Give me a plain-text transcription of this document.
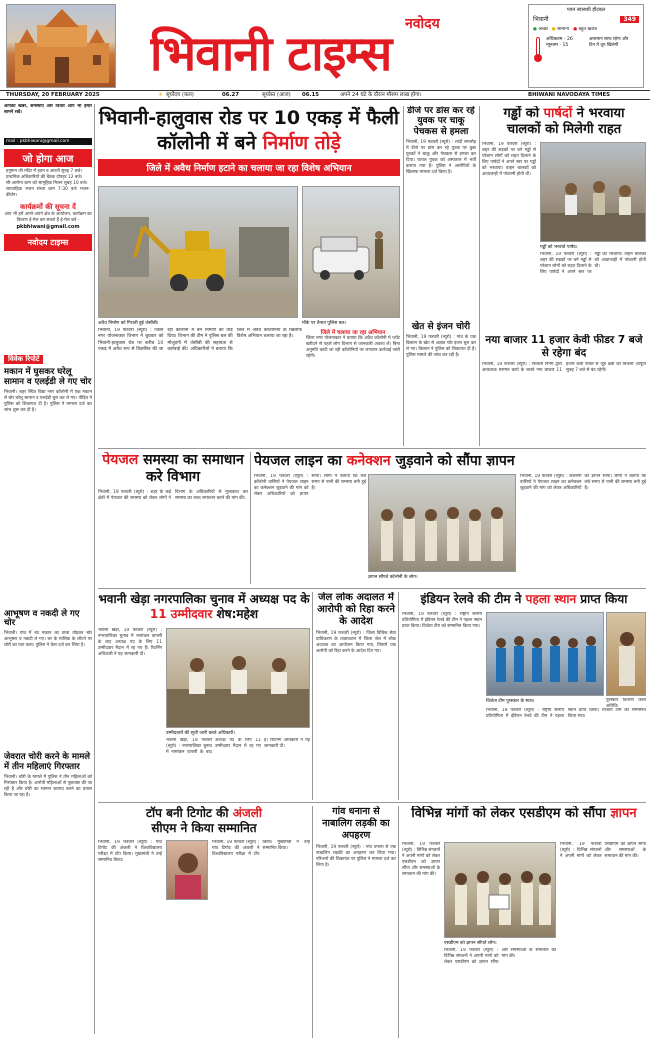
नवोदय
भिवानी टाइम्स
पवन स्वास्थ्यी हीटबल
भिवानी	349
● अच्छा ● सामान्य ● बहुत खराब
अधिकतम - 26
न्यूनतम - 15
आसमान साफ रहेगा और दिन में धूप खिलेगी
THURSDAY, 20 FEBRUARY 2025	☀ सूर्योदय (कल)	06.27	सूर्यास्त (आज) 06.15	अपने 24 घंटे के दौरान मौसम लाख होगा।	BHIWANI NAVODAYA TIMES
आपकी खबरें, समस्याएं और विचार आप भी हमारे सामने रखें।
mail : pkbhiwani@gmail.com
जो होगा आज
हनुमान जी मंदिर में हवन व आरती सुबह 7 बजे।
प्राथमिक अधिकारियों की बैठक दोपहर 12 बजे।
सी-आरोग्य शाम को सामूहिक मिलन सुबह 10 बजे।
साप्ताहिक भजन संध्या शाम 7:30 बजे भजन-कीर्तन।
कार्यक्रमों की सूचना दें
आप भी हमें अपने-अपने क्षेत्र के आयोजन, कार्यक्रम का विवरण ई-मेल कर सकते हैं ई-मेल करें -
pkbhiwani@gmail.com
नवोदय टाइम्स
विवेक रिपोर्ट
मकान में घुसकर घरेलू सामान व एलईडी ले गए चोर
भिवानी। शहर स्थित विद्या नगर कॉलोनी में एक मकान से चोर घरेलू सामान व एलईडी चुरा कर ले गए। पीड़ित ने पुलिस को शिकायत दी है। पुलिस ने मामला दर्ज कर जांच शुरू कर दी है।
आभूषण व नकदी ले गए चोर
भिवानी। गांव में बंद मकान का ताला तोड़कर चोर आभूषण व नकदी ले गए। घर के मालिक के लौटने पर चोरी का पता चला। पुलिस ने केस दर्ज कर लिया है।
जेवरात चोरी करने के मामले में तीन महिलाएं गिरफ्तार
भिवानी। चोरी के मामले में पुलिस ने तीन महिलाओं को गिरफ्तार किया है। आरोपी महिलाओं से पूछताछ की जा रही है और चोरी का सामान बरामद करने का प्रयास किया जा रहा है।
भिवानी-हालुवास रोड पर 10 एकड़ में फैली कॉलोनी में बने निर्माण तोड़े
जिले में अवैध निर्माण हटाने का चलाया जा रहा विशेष अभियान
अवैध निर्माण को गिराती हुई जेसीबी।	मौके पर तैनात पुलिस बल।
भिवानी, 19 फरवरी (ब्यूरो) : जिला नगर योजनाकार विभाग ने बुधवार को भिवानी-हालुवास रोड पर करीब 10 एकड़ में अवैध रूप से विकसित की जा रही कॉलोनी में बने निर्माण को तोड़ दिया। विभाग की टीम ने पुलिस बल की मौजूदगी में जेसीबी की सहायता से कार्रवाई की। अधिकारियों ने बताया कि जिले में अवैध कॉलोनियों के खिलाफ विशेष अभियान चलाया जा रहा है।
जिले में चलाया जा रहा अभियान
जिला नगर योजनाकार ने बताया कि अवैध कॉलोनी में प्लॉट खरीदने से पहले लोग विभाग से जानकारी अवश्य लें। बिना अनुमति काटी जा रही कॉलोनियों पर लगातार कार्रवाई जारी रहेगी।
डीजे पर डांस कर रहे युवक पर चाकू पेचकस से हमला
भिवानी, 19 फरवरी (ब्यूरो) : शादी समारोह में डीजे पर डांस कर रहे युवक पर कुछ युवकों ने चाकू और पेचकस से हमला कर दिया। घायल युवक को अस्पताल में भर्ती कराया गया है। पुलिस ने आरोपियों के खिलाफ मामला दर्ज किया है।
खेत से इंजन चोरी
भिवानी, 19 फरवरी (ब्यूरो) : गांव के एक किसान के खेत से अज्ञात चोर इंजन चुरा कर ले गए। किसान ने पुलिस को शिकायत दी है। पुलिस मामले की जांच कर रही है।
गड्ढों को पार्षदों ने भरवाया
चालकों को मिलेगी राहत
भिवानी, 19 फरवरी (ब्यूरो) : शहर की सड़कों पर बने गड्ढों से परेशान लोगों को राहत दिलाने के लिए पार्षदों ने अपने स्तर पर गड्ढों को भरवाया। वाहन चालकों को आवाजाही में परेशानी होती थी।
गड्ढों को भरवाते पार्षद।
भिवानी, 19 फरवरी (ब्यूरो) : शहर की सड़कों पर बने गड्ढों से परेशान लोगों को राहत दिलाने के लिए पार्षदों ने अपने स्तर पर गड्ढों को भरवाया। वाहन चालकों को आवाजाही में परेशानी होती थी।
नया बाजार 11 हजार केवी फीडर 7 बजे से रहेगा बंद
भिवानी, 19 फरवरी (ब्यूरो) : बिजली निगम द्वारा आवश्यक मरम्मत कार्य के चलते नया बाजार 11 हजार केवी फीडर से जुड़े क्षेत्रों की बिजली आपूर्ति सुबह 7 बजे से बंद रहेगी।
पेयजल समस्या का समाधान करे विभाग
भिवानी, 19 फरवरी (ब्यूरो) : शहर के कई क्षेत्रों में पेयजल की समस्या को लेकर लोगों ने विभाग के अधिकारियों से मुलाकात कर समस्या का जल्द समाधान करने की मांग की।
पेयजल लाइन का कनेक्शन जुड़वाने को सौंपा ज्ञापन
भिवानी, 19 फरवरी (ब्यूरो) : कॉलोनी वासियों ने पेयजल लाइन का कनेक्शन जुड़वाने की मांग को लेकर अधिकारियों को ज्ञापन सौंपा। लोगों ने बताया कि लंबे समय से पानी की समस्या बनी हुई है।
ज्ञापन सौंपते कॉलोनी के लोग।
भिवानी, 19 फरवरी (ब्यूरो) : कॉलोनी वासियों ने पेयजल लाइन का कनेक्शन जुड़वाने की मांग को लेकर अधिकारियों को ज्ञापन सौंपा। लोगों ने बताया कि लंबे समय से पानी की समस्या बनी हुई है।
भवानी खेड़ा नगरपालिका चुनाव में अध्यक्ष पद के 11 उम्मीदवार शेष:महेश
भवानी खेड़ा, 19 फरवरी (ब्यूरो) : नगरपालिका चुनाव में नामांकन वापसी के बाद अध्यक्ष पद के लिए 11 उम्मीदवार मैदान में रह गए हैं। रिटर्निंग अधिकारी ने यह जानकारी दी।
उम्मीदवारों की सूची जारी करते अधिकारी।
भवानी खेड़ा, 19 फरवरी (ब्यूरो) : नगरपालिका चुनाव में नामांकन वापसी के बाद अध्यक्ष पद के लिए 11 उम्मीदवार मैदान में रह गए हैं। रिटर्निंग अधिकारी ने यह जानकारी दी।
जेल लोक अदालत में आरोपी को रिहा करने के आदेश
भिवानी, 19 फरवरी (ब्यूरो) : जिला विधिक सेवा प्राधिकरण के तत्वावधान में जिला जेल में लोक अदालत का आयोजन किया गया, जिसमें एक आरोपी को रिहा करने के आदेश दिए गए।
इंडियन रेलवे की टीम ने पहला स्थान प्राप्त किया
भिवानी, 19 फरवरी (ब्यूरो) : राष्ट्रीय स्तरीय प्रतियोगिता में इंडियन रेलवे की टीम ने पहला स्थान प्राप्त किया। विजेता टीम को सम्मानित किया गया।
विजेता टीम पुरस्कार के साथ।	पुरस्कार वितरण करते अतिथि।
भिवानी, 19 फरवरी (ब्यूरो) : राष्ट्रीय स्तरीय प्रतियोगिता में इंडियन रेलवे की टीम ने पहला स्थान प्राप्त किया। विजेता टीम को सम्मानित किया गया।
टॉप बनी टिगोट की अंजली
सीएम ने किया सम्मानित
भिवानी, 19 फरवरी (ब्यूरो) : गांव टिगोट की अंजली ने विश्वविद्यालय परीक्षा में टॉप किया। मुख्यमंत्री ने उन्हें सम्मानित किया।
भिवानी, 19 फरवरी (ब्यूरो) : गांव टिगोट की अंजली ने विश्वविद्यालय परीक्षा में टॉप किया। मुख्यमंत्री ने उन्हें सम्मानित किया।
गांव धनाना से नाबालिग लड़की का अपहरण
भिवानी, 19 फरवरी (ब्यूरो) : गांव धनाना से एक नाबालिग लड़की का अपहरण कर लिया गया। परिजनों की शिकायत पर पुलिस ने मामला दर्ज कर लिया है।
विभिन्न मांगों को लेकर एसडीएम को सौंपा ज्ञापन
भिवानी, 19 फरवरी (ब्यूरो) : विभिन्न संगठनों ने अपनी मांगों को लेकर एसडीएम को ज्ञापन सौंपा और समस्याओं के समाधान की मांग की।
एसडीएम को ज्ञापन सौंपते लोग।
भिवानी, 19 फरवरी (ब्यूरो) : विभिन्न संगठनों ने अपनी मांगों को लेकर एसडीएम को ज्ञापन सौंपा और समस्याओं के समाधान की मांग की।
भिवानी, 19 फरवरी (ब्यूरो) : विभिन्न संगठनों ने अपनी मांगों को लेकर एसडीएम को ज्ञापन सौंपा और समस्याओं के समाधान की मांग की।
